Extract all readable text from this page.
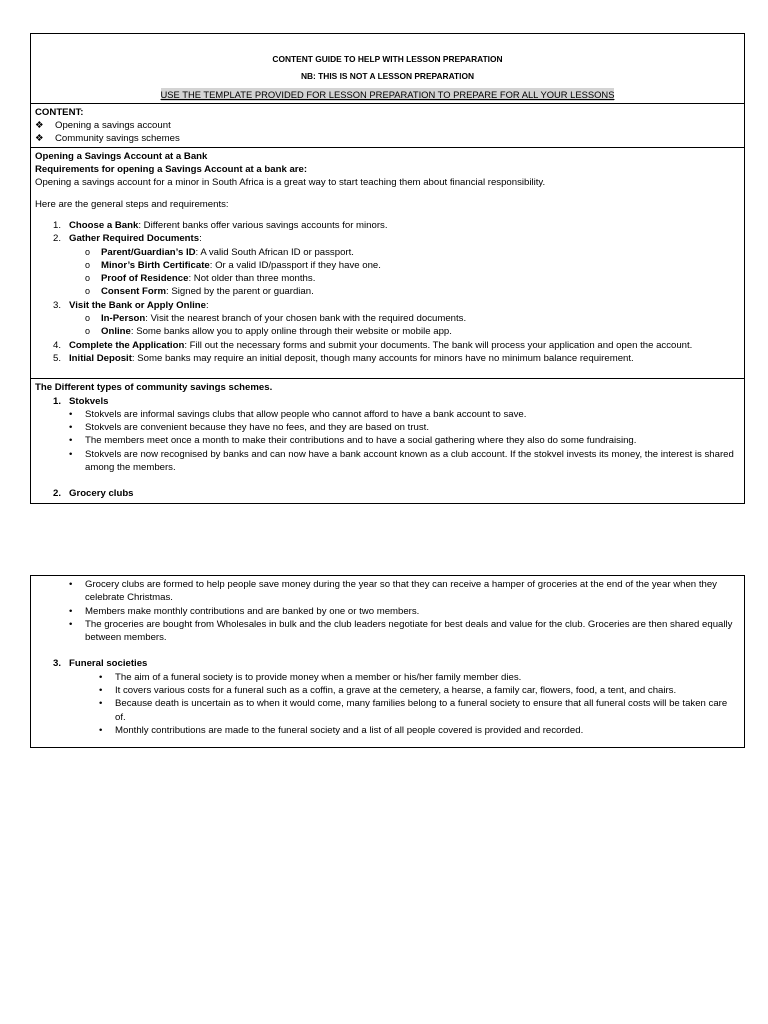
CONTENT GUIDE TO HELP WITH LESSON PREPARATION

NB: THIS IS NOT A LESSON PREPARATION

USE THE TEMPLATE PROVIDED FOR LESSON PREPARATION TO PREPARE FOR ALL YOUR LESSONS

CONTENT:

❖	Opening a savings account
❖	Community savings schemes

Opening a Savings Account at a Bank

Requirements for opening a Savings Account at a bank are:

Opening a savings account for a minor in South Africa is a great way to start teaching them about financial responsibility.

Here are the general steps and requirements:

1. Choose a Bank: Different banks offer various savings accounts for minors.
2. Gather Required Documents:
o	Parent/Guardian’s ID: A valid South African ID or passport.
o	Minor’s Birth Certificate: Or a valid ID/passport if they have one.
o	Proof of Residence: Not older than three months.
o	Consent Form: Signed by the parent or guardian.
3. Visit the Bank or Apply Online:
o	In-Person: Visit the nearest branch of your chosen bank with the required documents.
o	Online: Some banks allow you to apply online through their website or mobile app.
4. Complete the Application: Fill out the necessary forms and submit your documents. The bank will process your application and open the account.
5. Initial Deposit: Some banks may require an initial deposit, though many accounts for minors have no minimum balance requirement.

The Different types of community savings schemes.

1. Stokvels
•	Stokvels are informal savings clubs that allow people who cannot afford to have a bank account to save.
•	Stokvels are convenient because they have no fees, and they are based on trust.
•	The members meet once a month to make their contributions and to have a social gathering where they also do some fundraising.
•	Stokvels are now recognised by banks and can now have a bank account known as a club account. If the stokvel invests its money, the interest is shared among the members.
2. Grocery clubs
•	Grocery clubs are formed to help people save money during the year so that they can receive a hamper of groceries at the end of the year when they celebrate Christmas.
•	Members make monthly contributions and are banked by one or two members.
•	The groceries are bought from Wholesales in bulk and the club leaders negotiate for best deals and value for the club. Groceries are then shared equally between members.
3. Funeral societies
•	The aim of a funeral society is to provide money when a member or his/her family member dies.
•	It covers various costs for a funeral such as a coffin, a grave at the cemetery, a hearse, a family car, flowers, food, a tent, and chairs.
•	Because death is uncertain as to when it would come, many families belong to a funeral society to ensure that all funeral costs will be taken care of.
•	Monthly contributions are made to the funeral society and a list of all people covered is provided and recorded.
